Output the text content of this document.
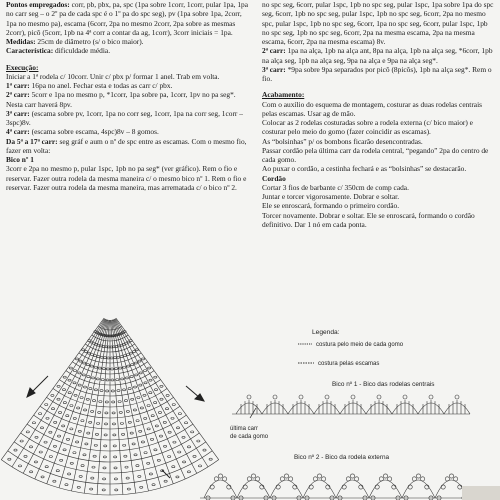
Pontos empregados: corr, pb, pbx, pa, spc (1pa sobre 1corr, 1corr, pular 1pa, 1pa no carr seg – o 2º pa de cada spc é o 1º pa do spc seg), pv (1pa sobre 1pa, 2corr, 1pa no mesmo pa), escama (6corr, 2pa no mesmo 2corr, 2pa sobre as mesmas 2corr), picô (5corr, 1pb na 4ª corr a contar da ag, 1corr), 3corr iniciais = 1pa.

Medidas: 25cm de diâmetro (s/ o bico maior).

Característica: dificuldade média.

Execução:

Iniciar a 1ª rodela c/ 10corr. Unir c/ pbx p/ formar 1 anel. Trab em volta.

1ª carr: 16pa no anel. Fechar esta e todas as carr c/ pbx.

2ª carr: 5corr e 1pa no mesmo p, *1corr, 1pa sobre pa, 1corr, 1pv no pa seg*. Nesta carr haverá 8pv.

3ª carr: (escama sobre pv, 1corr, 1pa no corr seg, 1corr, 1pa na corr seg, 1corr – 3spc)8v.

4ª carr: (escama sobre escama, 4spc)8v – 8 gomos.

Da 5ª a 17ª carr: seg gráf e aum o nº de spc entre as escamas. Com o mesmo fio, fazer em volta:

Bico nº 1

3corr e 2pa no mesmo p, pular 1spc, 1pb no pa seg* (ver gráfico). Rem o fio e reservar. Fazer outra rodela da mesma maneira c/ o mesmo bico nº 1. Rem o fio e reservar. Fazer outra rodela da mesma maneira, mas arrematada c/ o bico nº 2.

no spc seg, 6corr, pular 1spc, 1pb no spc seg, pular 1spc, 1pa sobre 1pa do spc seg, 6corr, 1pb no spc seg, pular 1spc, 1pb no spc seg, 6corr, 2pa no mesmo spc, pular 1spc, 1pb no spc seg, 6corr, 1pa no spc seg, 6corr, pular 1spc, 1pb no spc seg, 1pb no spc seg, 6corr, 2pa na mesma escama, 2pa na mesma escama, 6corr, 2pa na mesma escama) 8v.

2ª carr: 1pa na alça, 1pb na alça ant, 8pa na alça, 1pb na alça seg, *6corr, 1pb na alça seg, 1pb na alça seg, 9pa na alça e 9pa na alça seg*.

3ª carr: *9pa sobre 9pa separados por picô (8picôs), 1pb na alça seg*. Rem o fio.

Acabamento:

Com o auxílio do esquema de montagem, costurar as duas rodelas centrais pelas escamas. Usar ag de mão.

Colocar as 2 rodelas costuradas sobre a rodela externa (c/ bico maior) e costurar pelo meio do gomo (fazer coincidir as escamas).

As “bolsinhas” p/ os bombons ficarão desencontradas.

Passar cordão pela última carr da rodela central, “pegando” 2pa do centro de cada gomo.

Ao puxar o cordão, a cestinha fechará e as “bolsinhas” se destacarão.

Cordão

Cortar 3 fios de barbante c/ 350cm de comp cada.

Juntar e torcer vigorosamente. Dobrar e soltar.

Ele se enroscará, formando o primeiro cordão.

Torcer novamente. Dobrar e soltar. Ele se enroscará, formando o cordão definitivo. Dar 1 nó em cada ponta.

Legenda:
costura pelo meio de cada gomo
costura pelas escamas
Bico nº 1 - Bico das rodelas centrais
última carr
de cada gomo
Bico nº 2 - Bico da rodela externa
